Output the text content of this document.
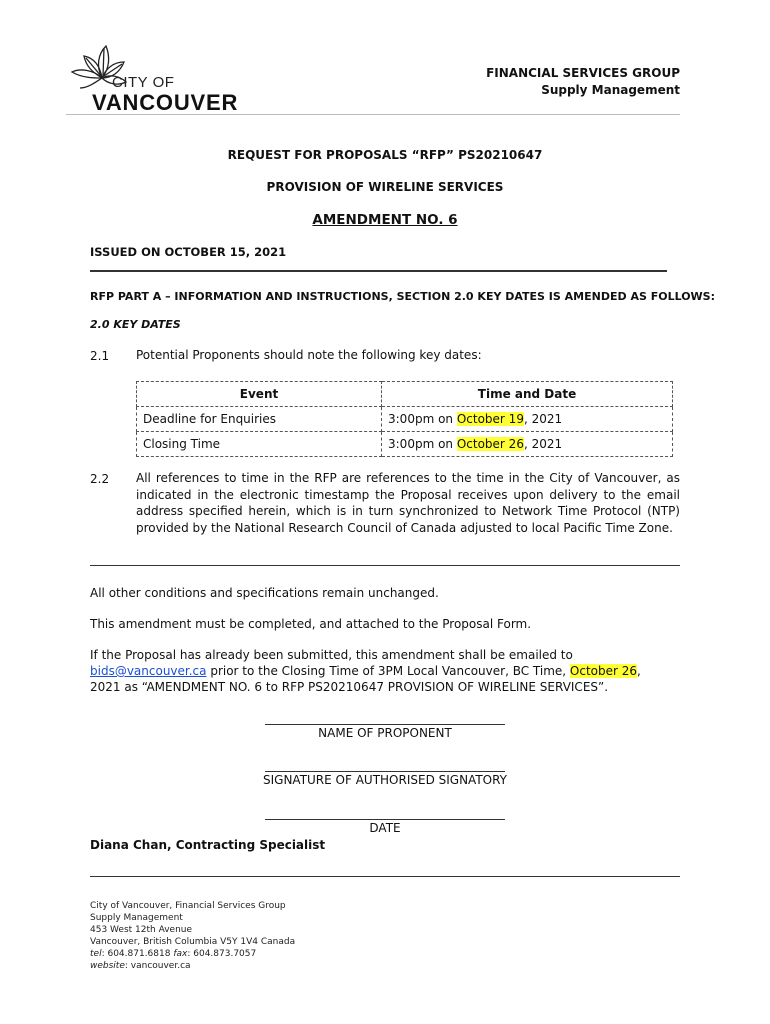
CITY OF
VANCOUVER
FINANCIAL SERVICES GROUP
Supply Management
REQUEST FOR PROPOSALS “RFP” PS20210647
PROVISION OF WIRELINE SERVICES
AMENDMENT NO. 6
ISSUED ON OCTOBER 15, 2021
RFP PART A – INFORMATION AND INSTRUCTIONS, SECTION 2.0 KEY DATES IS AMENDED AS FOLLOWS:
2.0 KEY DATES
2.1 Potential Proponents should note the following key dates:
Event	Time and Date
Deadline for Enquiries	3:00pm on October 19, 2021
Closing Time	3:00pm on October 26, 2021
2.2 All references to time in the RFP are references to the time in the City of Vancouver, as indicated in the electronic timestamp the Proposal receives upon delivery to the email address specified herein, which is in turn synchronized to Network Time Protocol (NTP) provided by the National Research Council of Canada adjusted to local Pacific Time Zone.
All other conditions and specifications remain unchanged.
This amendment must be completed, and attached to the Proposal Form.
If the Proposal has already been submitted, this amendment shall be emailed to
bids@vancouver.ca prior to the Closing Time of 3PM Local Vancouver, BC Time, October 26,
2021 as “AMENDMENT NO. 6 to RFP PS20210647 PROVISION OF WIRELINE SERVICES”.
NAME OF PROPONENT
SIGNATURE OF AUTHORISED SIGNATORY
DATE
Diana Chan, Contracting Specialist
City of Vancouver, Financial Services Group
Supply Management
453 West 12th Avenue
Vancouver, British Columbia V5Y 1V4 Canada
tel: 604.871.6818 fax: 604.873.7057
website: vancouver.ca
